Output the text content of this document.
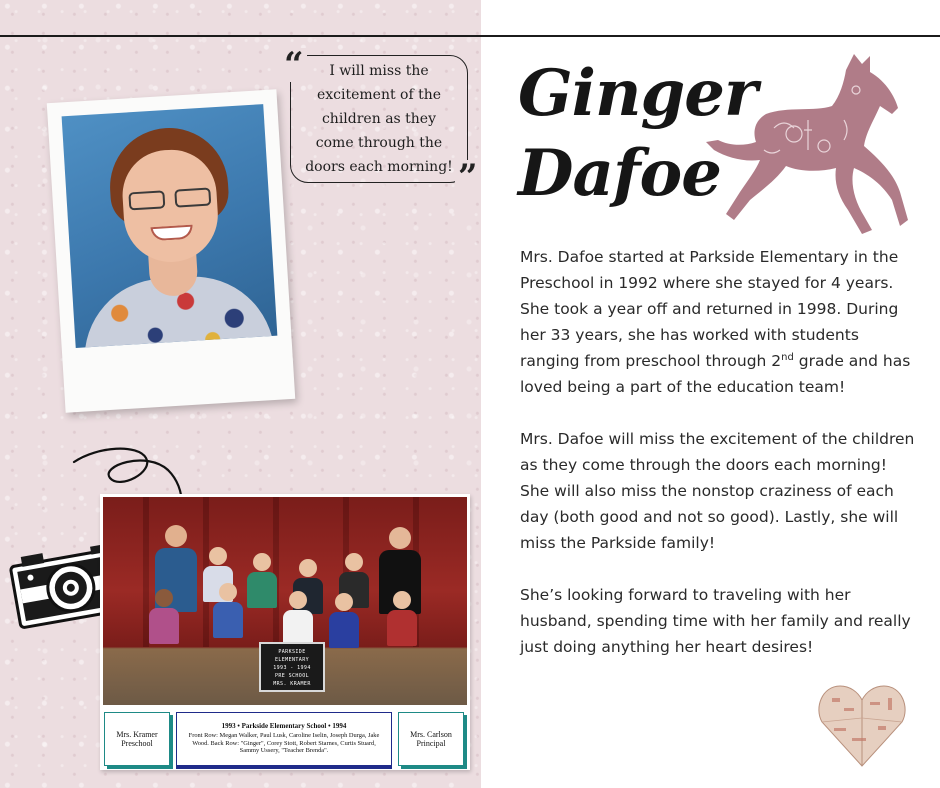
I will miss the excitement of the children as they come through the doors each morning!
“
”
PARKSIDE
ELEMENTARY
1993 - 1994
PRE SCHOOL
MRS. KRAMER
Mrs. Kramer
Preschool
1993 • Parkside Elementary School • 1994
Front Row: Megan Walker, Paul Lusk, Caroline Iselin, Joseph Durga, Jake Wood. Back Row: "Ginger", Corey Stott, Robert Starnes, Curtis Stuard, Sammy Ussery, "Teacher Brenda".
Mrs. Carlson
Principal
Ginger
Dafoe

Mrs. Dafoe started at Parkside Elementary in the Preschool in 1992 where she stayed for 4 years. She took a year off and returned in 1998. During her 33 years, she has worked with students ranging from preschool through 2nd grade and has loved being a part of the education team!

Mrs. Dafoe will miss the excitement of the children as they come through the doors each morning! She will also miss the nonstop craziness of each day (both good and not so good). Lastly, she will miss the Parkside family!

She’s looking forward to traveling with her husband, spending time with her family and really just doing anything her heart desires!
